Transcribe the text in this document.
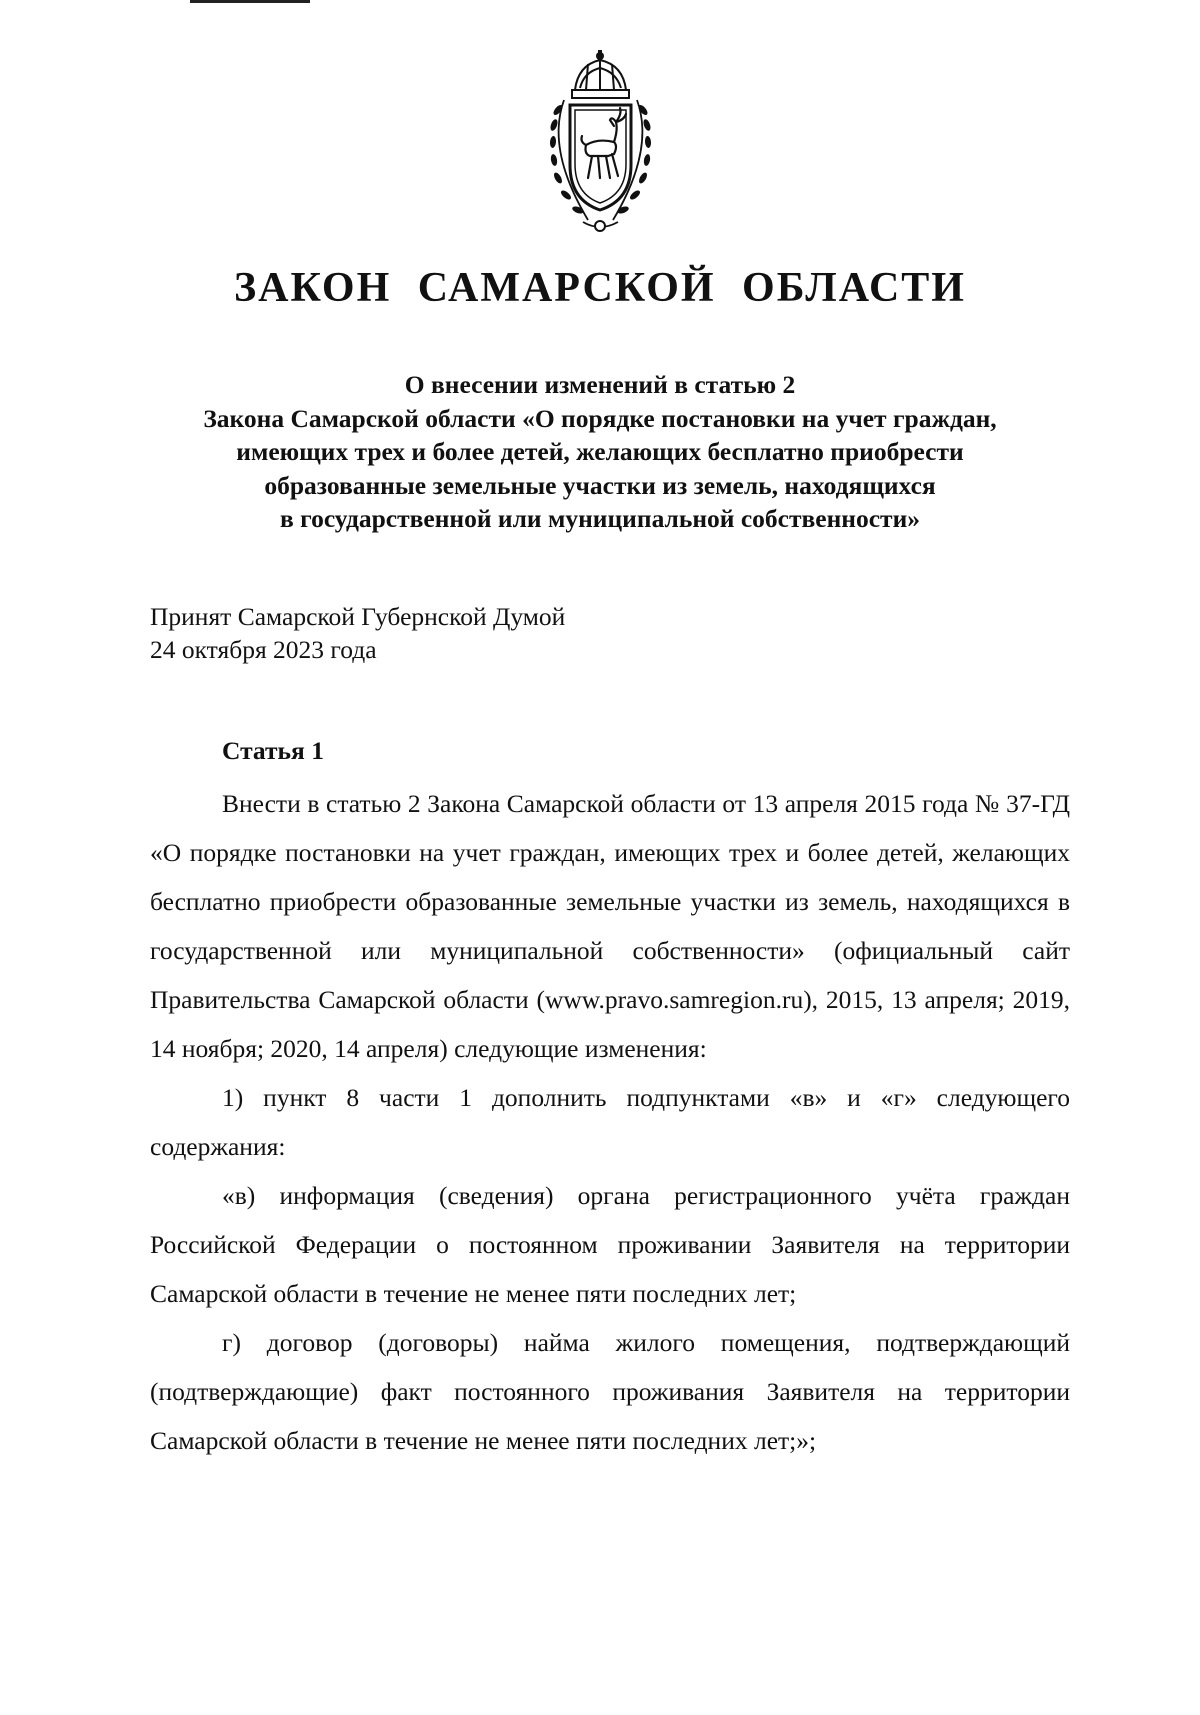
ЗАКОН САМАРСКОЙ ОБЛАСТИ
О внесении изменений в статью 2
Закона Самарской области «О порядке постановки на учет граждан,
имеющих трех и более детей, желающих бесплатно приобрести
образованные земельные участки из земель, находящихся
в государственной или муниципальной собственности»
Принят Самарской Губернской Думой
24 октября 2023 года
Статья 1

Внести в статью 2 Закона Самарской области от 13 апреля 2015 года № 37-ГД «О порядке постановки на учет граждан, имеющих трех и более детей, желающих бесплатно приобрести образованные земельные участки из земель, находящихся в государственной или муниципальной собственности» (официальный сайт Правительства Самарской области (www.pravo.samregion.ru), 2015, 13 апреля; 2019, 14 ноября; 2020, 14 апреля) следующие изменения:

1) пункт 8 части 1 дополнить подпунктами «в» и «г» следующего содержания:

«в) информация (сведения) органа регистрационного учёта граждан Российской Федерации о постоянном проживании Заявителя на территории Самарской области в течение не менее пяти последних лет;

г) договор (договоры) найма жилого помещения, подтверждающий (подтверждающие) факт постоянного проживания Заявителя на территории Самарской области в течение не менее пяти последних лет;»;
